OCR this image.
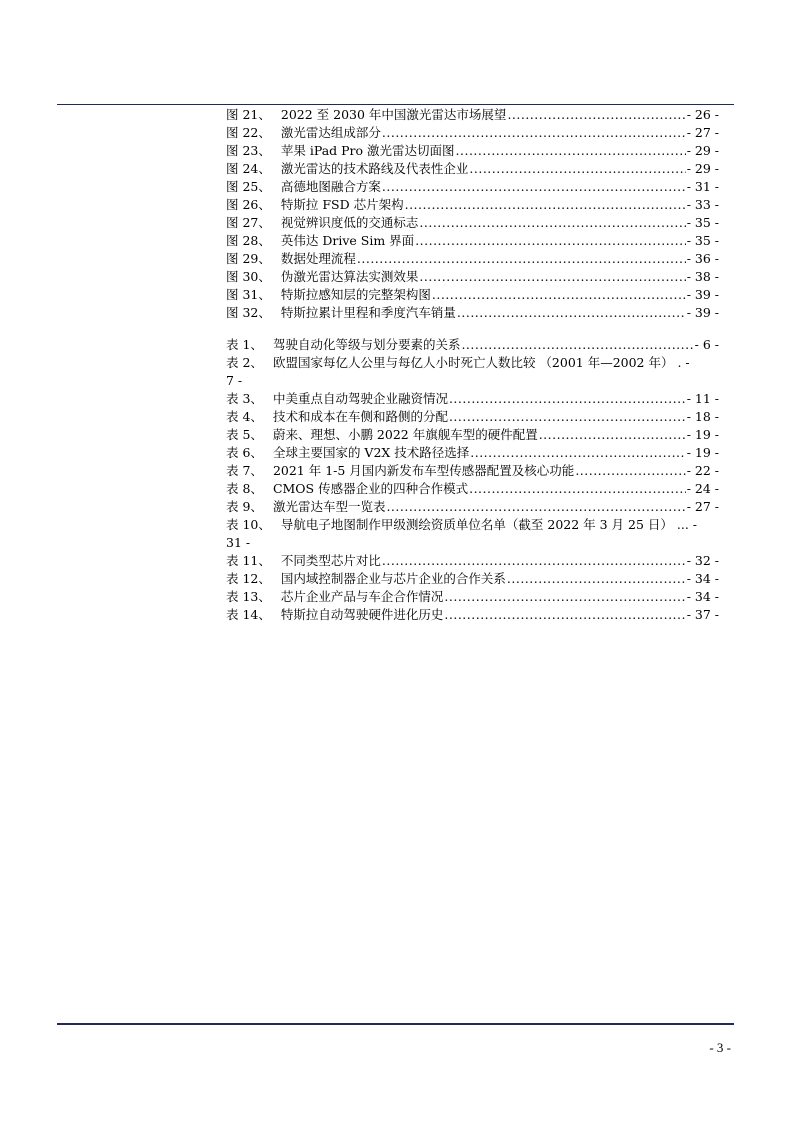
图 21、 2022 至 2030 年中国激光雷达市场展望 .....	- 26 -
图 22、 激光雷达组成部分 .....	- 27 -
图 23、 苹果 iPad Pro 激光雷达切面图 .....	- 29 -
图 24、 激光雷达的技术路线及代表性企业 .....	- 29 -
图 25、 高德地图融合方案 .....	- 31 -
图 26、 特斯拉 FSD 芯片架构 .....	- 33 -
图 27、 视觉辨识度低的交通标志 .....	- 35 -
图 28、 英伟达 Drive Sim 界面 .....	- 35 -
图 29、 数据处理流程 .....	- 36 -
图 30、 伪激光雷达算法实测效果 .....	- 38 -
图 31、 特斯拉感知层的完整架构图 .....	- 39 -
图 32、 特斯拉累计里程和季度汽车销量 .....	- 39 -
表 1、 驾驶自动化等级与划分要素的关系 .....	- 6 -
表 2、 欧盟国家每亿人公里与每亿人小时死亡人数比较 （2001 年—2002 年） . -
7 -
表 3、 中美重点自动驾驶企业融资情况 .....	- 11 -
表 4、 技术和成本在车侧和路侧的分配 .....	- 18 -
表 5、 蔚来、理想、小鹏 2022 年旗舰车型的硬件配置 .....	- 19 -
表 6、 全球主要国家的 V2X 技术路径选择 .....	- 19 -
表 7、 2021 年 1-5 月国内新发布车型传感器配置及核心功能 .....	- 22 -
表 8、 CMOS 传感器企业的四种合作模式 .....	- 24 -
表 9、 激光雷达车型一览表 .....	- 27 -
表 10、 导航电子地图制作甲级测绘资质单位名单（截至 2022 年 3 月 25 日） ... -
31 -
表 11、 不同类型芯片对比 .....	- 32 -
表 12、 国内域控制器企业与芯片企业的合作关系 .....	- 34 -
表 13、 芯片企业产品与车企合作情况 .....	- 34 -
表 14、 特斯拉自动驾驶硬件进化历史 .....	- 37 -
- 3 -
